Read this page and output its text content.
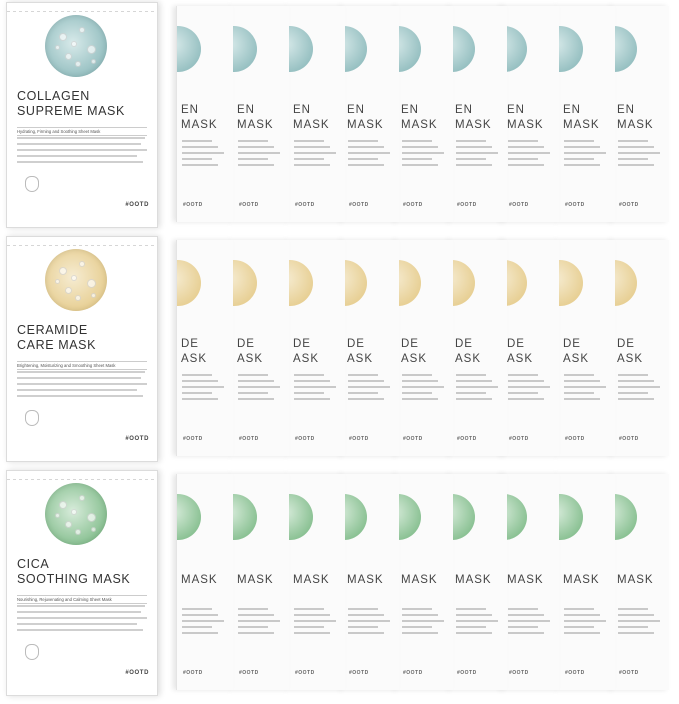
EN
MASK
#OOTD
EN
MASK
#OOTD
EN
MASK
#OOTD
EN
MASK
#OOTD
EN
MASK
#OOTD
EN
MASK
#OOTD
EN
MASK
#OOTD
EN
MASK
#OOTD
EN
MASK
#OOTD
COLLAGEN
SUPREME MASK
Hydrating, Firming and Soothing Sheet Mask
#OOTD
DE
ASK
#OOTD
DE
ASK
#OOTD
DE
ASK
#OOTD
DE
ASK
#OOTD
DE
ASK
#OOTD
DE
ASK
#OOTD
DE
ASK
#OOTD
DE
ASK
#OOTD
DE
ASK
#OOTD
CERAMIDE
CARE MASK
Brightening, Moisturizing and Smoothing Sheet Mask
#OOTD
MASK
#OOTD
MASK
#OOTD
MASK
#OOTD
MASK
#OOTD
MASK
#OOTD
MASK
#OOTD
MASK
#OOTD
MASK
#OOTD
MASK
#OOTD
CICA
SOOTHING MASK
Nourishing, Rejuvenating and Calming Sheet Mask
#OOTD
